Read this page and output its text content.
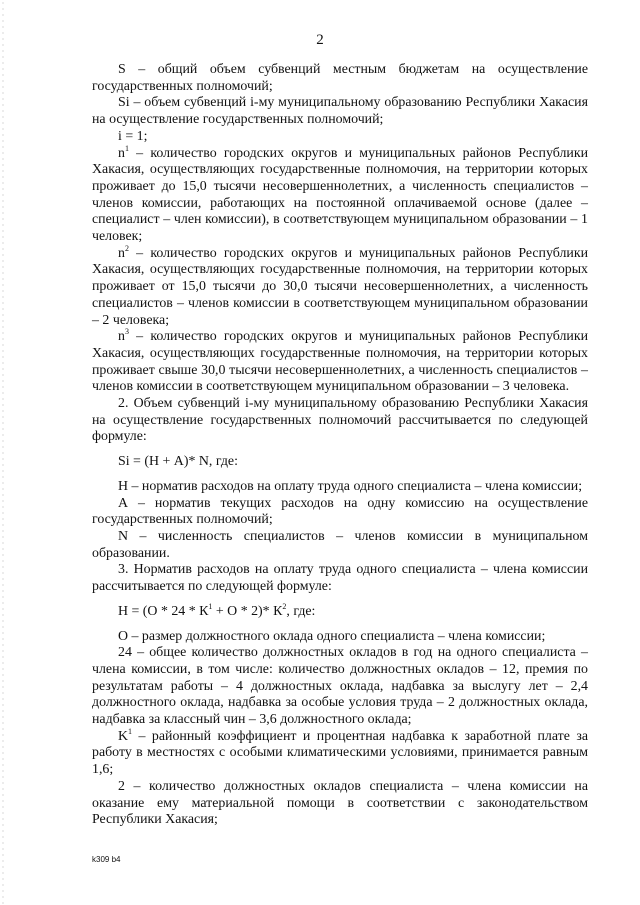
2

S – общий объем субвенций местным бюджетам на осуществление государственных полномочий;

Si – объем субвенций i-му муниципальному образованию Республики Хакасия на осуществление государственных полномочий;

i = 1;

$n^1$ – количество городских округов и муниципальных районов Республики Хакасия, осуществляющих государственные полномочия, на территории которых проживает до 15,0 тысячи несовершеннолетних, а численность специалистов – членов комиссии, работающих на постоянной оплачиваемой основе (далее – специалист – член комиссии), в соответствующем муниципальном образовании – 1 человек;

$n^2$ – количество городских округов и муниципальных районов Республики Хакасия, осуществляющих государственные полномочия, на территории которых проживает от 15,0 тысячи до 30,0 тысячи несовершеннолетних, а численность специалистов – членов комиссии в соответствующем муниципальном образовании – 2 человека;

$n^3$ – количество городских округов и муниципальных районов Республики Хакасия, осуществляющих государственные полномочия, на территории которых проживает свыше 30,0 тысячи несовершеннолетних, а численность специалистов – членов комиссии в соответствующем муниципальном образовании – 3 человека.

2. Объем субвенций i-му муниципальному образованию Республики Хакасия на осуществление государственных полномочий рассчитывается по следующей формуле:

Si = (Н + А)* N, где:

Н – норматив расходов на оплату труда одного специалиста – члена комиссии;

А – норматив текущих расходов на одну комиссию на осуществление государственных полномочий;

N – численность специалистов – членов комиссии в муниципальном образовании.

3. Норматив расходов на оплату труда одного специалиста – члена комиссии рассчитывается по следующей формуле:

$Н = (О * 24 * К^1 + О * 2)*$ $К^2$, где:

О – размер должностного оклада одного специалиста – члена комиссии;

24 – общее количество должностных окладов в год на одного специалиста – члена комиссии, в том числе: количество должностных окладов – 12, премия по результатам работы – 4 должностных оклада, надбавка за выслугу лет – 2,4 должностного оклада, надбавка за особые условия труда – 2 должностных оклада, надбавка за классный чин – 3,6 должностного оклада;

$K^1$ – районный коэффициент и процентная надбавка к заработной плате за работу в местностях с особыми климатическими условиями, принимается равным 1,6;

2 – количество должностных окладов специалиста – члена комиссии на оказание ему материальной помощи в соответствии с законодательством Республики Хакасия;

k309 b4
